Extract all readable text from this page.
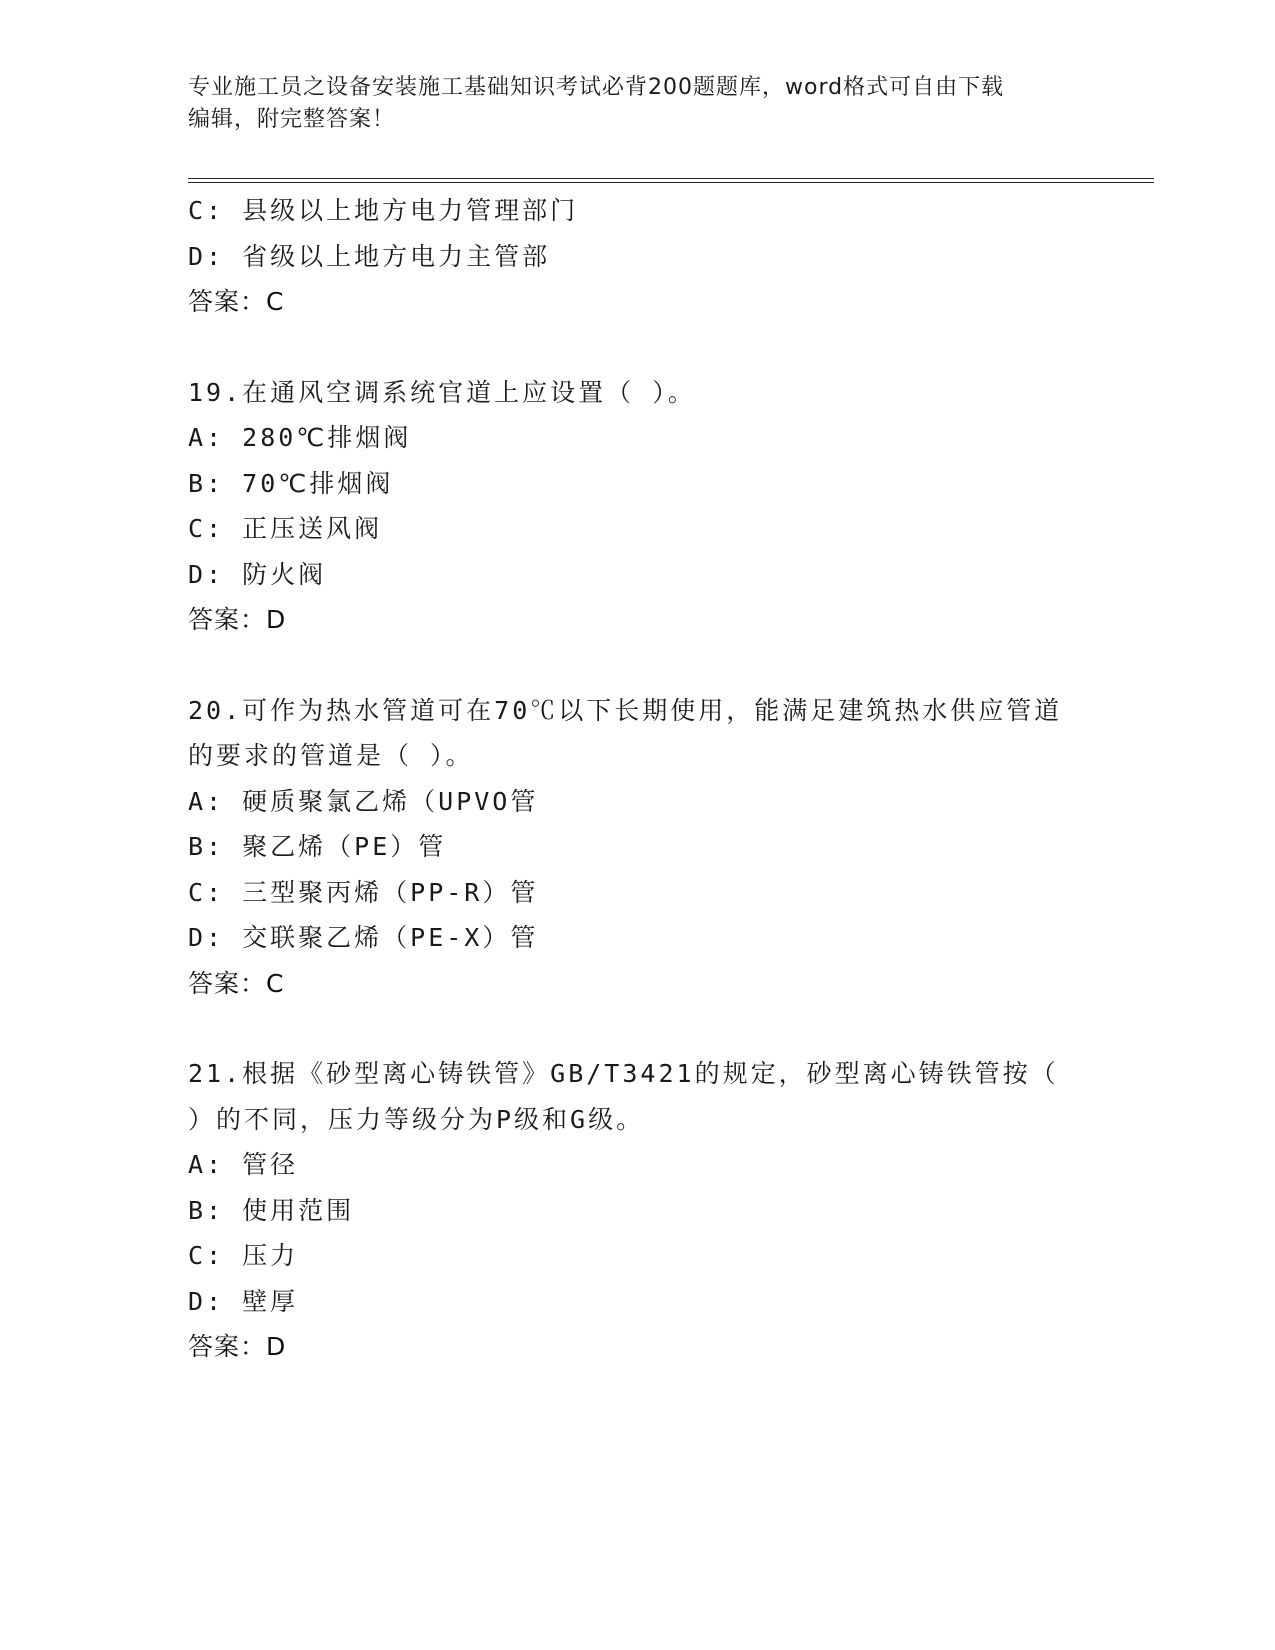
专业施工员之设备安装施工基础知识考试必背200题题库，word格式可自由下载
编辑，附完整答案！
C: 县级以上地方电力管理部门
D: 省级以上地方电力主管部
答案：C
19.在通风空调系统官道上应设置（ ）。
A: 280℃排烟阀
B: 70℃排烟阀
C: 正压送风阀
D: 防火阀
答案：D
20.可作为热水管道可在70℃以下长期使用，能满足建筑热水供应管道
的要求的管道是（ ）。
A: 硬质聚氯乙烯（UPVO管
B: 聚乙烯（PE）管
C: 三型聚丙烯（PP-R）管
D: 交联聚乙烯（PE-X）管
答案：C
21.根据《砂型离心铸铁管》GB/T3421的规定，砂型离心铸铁管按（
）的不同，压力等级分为P级和G级。
A: 管径
B: 使用范围
C: 压力
D: 壁厚
答案：D
